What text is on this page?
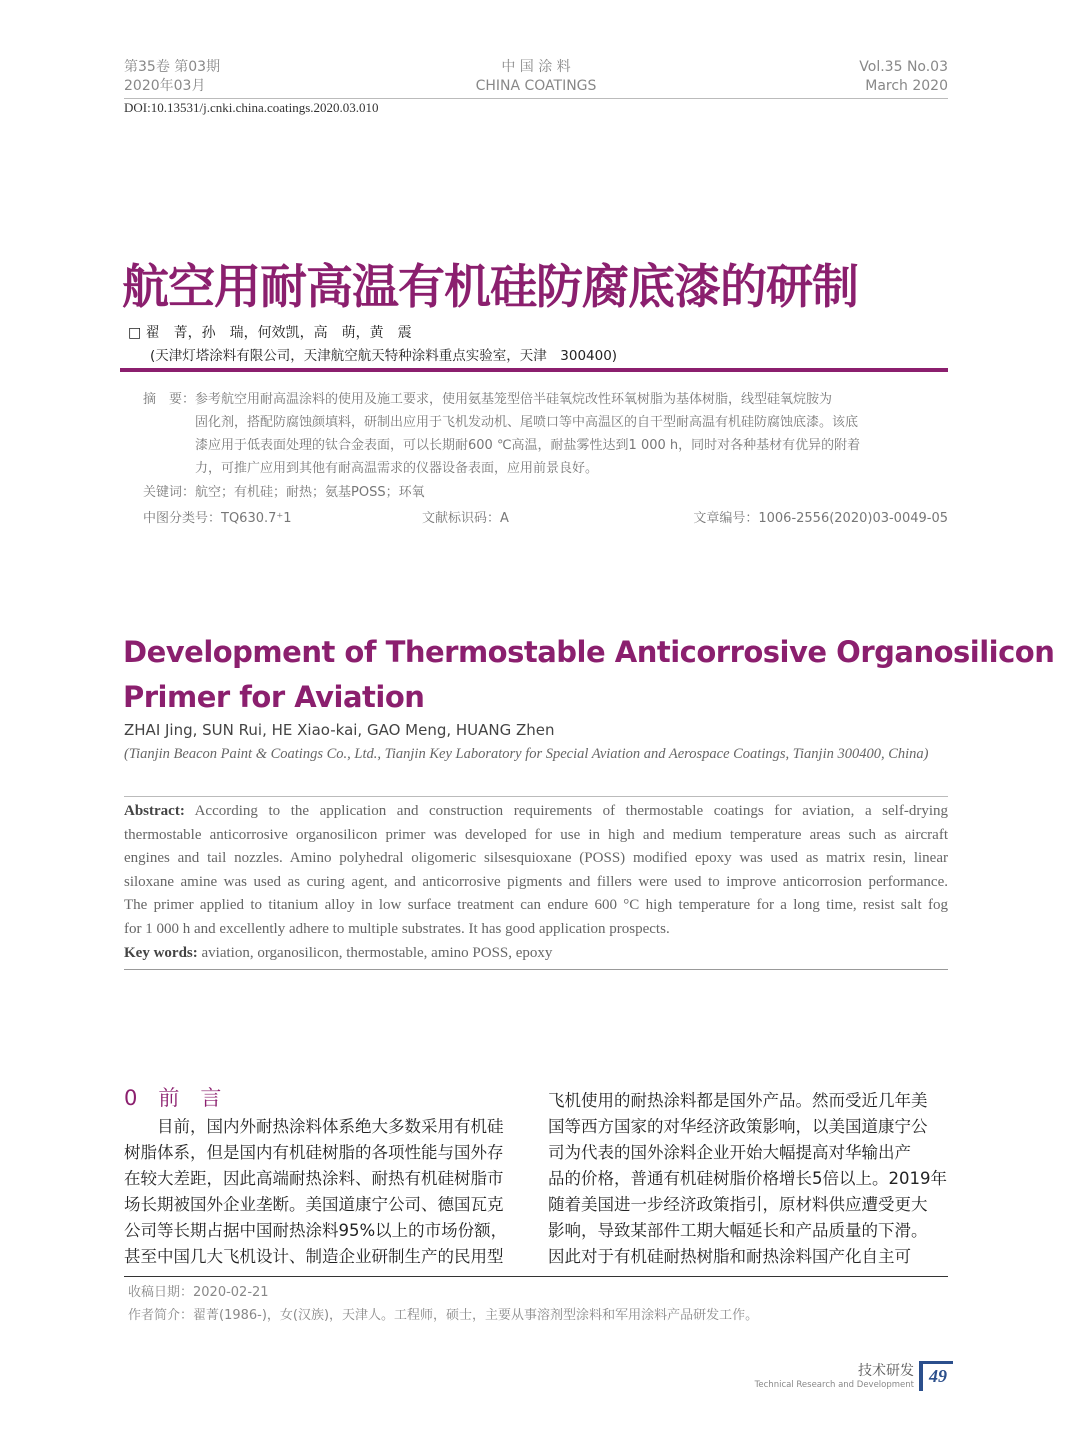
第35卷 第03期
2020年03月
中 国 涂 料
CHINA COATINGS
Vol.35 No.03
March 2020
DOI:10.13531/j.cnki.china.coatings.2020.03.010
航空用耐高温有机硅防腐底漆的研制
□ 翟　菁，孙　瑞，何效凯，高　萌，黄　震
(天津灯塔涂料有限公司，天津航空航天特种涂料重点实验室，天津　300400)
摘　要： 参考航空用耐高温涂料的使用及施工要求，使用氨基笼型倍半硅氧烷改性环氧树脂为基体树脂，线型硅氧烷胺为
固化剂，搭配防腐蚀颜填料，研制出应用于飞机发动机、尾喷口等中高温区的自干型耐高温有机硅防腐蚀底漆。该底
漆应用于低表面处理的钛合金表面，可以长期耐600 ℃高温，耐盐雾性达到1 000 h，同时对各种基材有优异的附着
力，可推广应用到其他有耐高温需求的仪器设备表面，应用前景良好。
关键词：航空；有机硅；耐热；氨基POSS；环氧
中图分类号：TQ630.7⁺1	文献标识码：A	文章编号：1006-2556(2020)03-0049-05
Development of Thermostable Anticorrosive Organosilicon
Primer for Aviation
ZHAI Jing, SUN Rui, HE Xiao-kai, GAO Meng, HUANG Zhen
(Tianjin Beacon Paint & Coatings Co., Ltd., Tianjin Key Laboratory for Special Aviation and Aerospace Coatings, Tianjin 300400, China)
Abstract: According to the application and construction requirements of thermostable coatings for aviation, a self-drying
thermostable anticorrosive organosilicon primer was developed for use in high and medium temperature areas such as aircraft
engines and tail nozzles. Amino polyhedral oligomeric silsesquioxane (POSS) modified epoxy was used as matrix resin, linear
siloxane amine was used as curing agent, and anticorrosive pigments and fillers were used to improve anticorrosion performance.
The primer applied to titanium alloy in low surface treatment can endure 600 °C high temperature for a long time, resist salt fog
for 1 000 h and excellently adhere to multiple substrates. It has good application prospects.
Key words: aviation, organosilicon, thermostable, amino POSS, epoxy
0　前　言
　　目前，国内外耐热涂料体系绝大多数采用有机硅
树脂体系，但是国内有机硅树脂的各项性能与国外存
在较大差距，因此高端耐热涂料、耐热有机硅树脂市
场长期被国外企业垄断。美国道康宁公司、德国瓦克
公司等长期占据中国耐热涂料95%以上的市场份额，
甚至中国几大飞机设计、制造企业研制生产的民用型
飞机使用的耐热涂料都是国外产品。然而受近几年美
国等西方国家的对华经济政策影响，以美国道康宁公
司为代表的国外涂料企业开始大幅提高对华输出产
品的价格，普通有机硅树脂价格增长5倍以上。2019年
随着美国进一步经济政策指引，原材料供应遭受更大
影响，导致某部件工期大幅延长和产品质量的下滑。
因此对于有机硅耐热树脂和耐热涂料国产化自主可
收稿日期：2020-02-21
作者简介：翟菁(1986-)，女(汉族)，天津人。工程师，硕士，主要从事溶剂型涂料和军用涂料产品研发工作。
技术研发
Technical Research and Development 49
